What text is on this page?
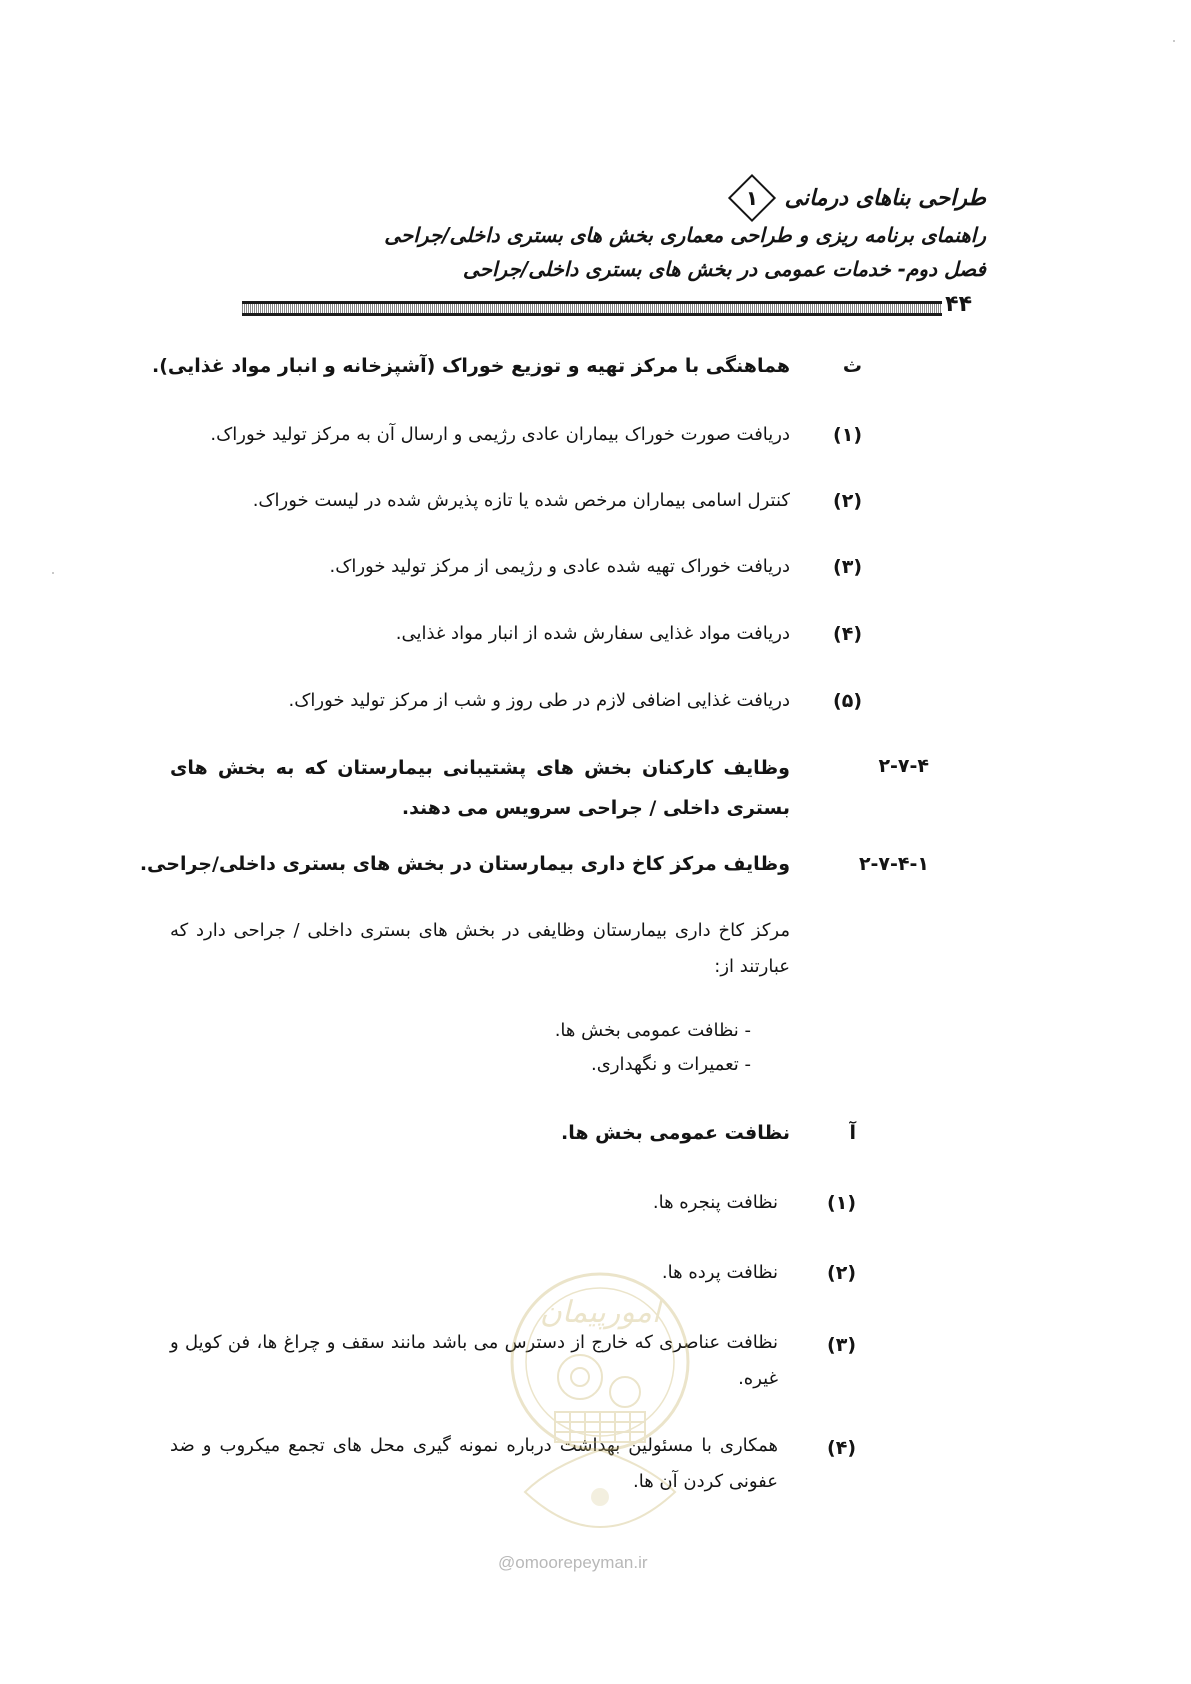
طراحی بناهای درمانی
۱
راهنمای برنامه ریزی و طراحی معماری بخش های بستری داخلی/جراحی
فصل دوم- خدمات عمومی در بخش های بستری داخلی/جراحی
۴۴
ث
هماهنگی با مرکز تهیه و توزیع خوراک (آشپزخانه و انبار مواد غذایی).
(۱)
دریافت صورت خوراک بیماران عادی رژیمی و ارسال آن به مرکز تولید خوراک.
(۲)
کنترل اسامی بیماران مرخص شده یا تازه پذیرش شده در لیست خوراک.
(۳)
دریافت خوراک تهیه شده عادی و رژیمی از مرکز تولید خوراک.
(۴)
دریافت مواد غذایی سفارش شده از انبار مواد غذایی.
(۵)
دریافت غذایی اضافی لازم در طی روز و شب از مرکز تولید خوراک.
۲-۷-۴
وظایف کارکنان بخش های پشتیبانی بیمارستان که به بخش های بستری داخلی / جراحی سرویس می دهند.
۲-۷-۴-۱
وظایف مرکز کاخ داری بیمارستان در بخش های بستری داخلی/جراحی.
مرکز کاخ داری بیمارستان وظایفی در بخش های بستری داخلی / جراحی دارد که عبارتند از:
- نظافت عمومی بخش ها.
- تعمیرات و نگهداری.
آ
نظافت عمومی بخش ها.
(۱)
نظافت پنجره ها.
(۲)
نظافت پرده ها.
(۳)
نظافت عناصری که خارج از دسترس می باشد مانند سقف و چراغ ها، فن کویل و غیره.
(۴)
همکاری با مسئولین بهداشت درباره نمونه گیری محل های تجمع میکروب و ضد عفونی کردن آن ها.
امورپیمان
@omoorepeyman.ir
